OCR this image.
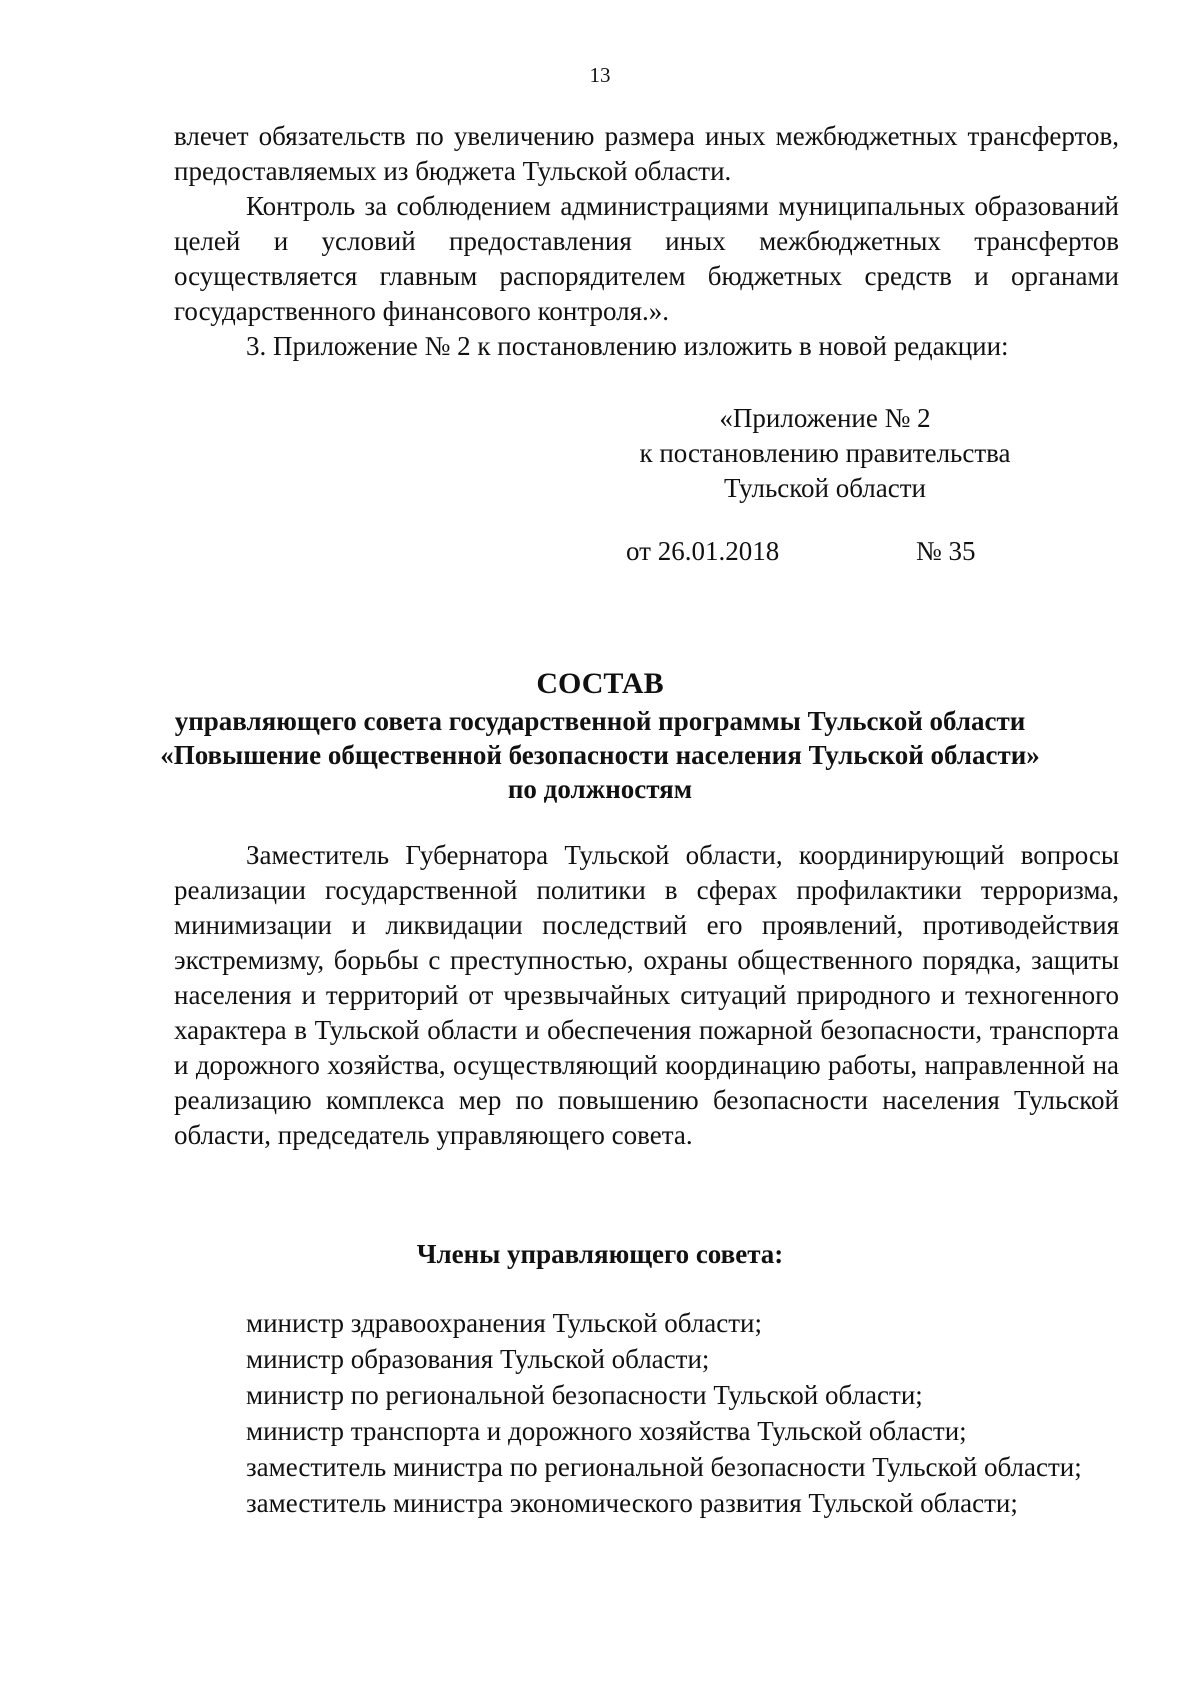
13

влечет обязательств по увеличению размера иных межбюджетных трансфертов, предоставляемых из бюджета Тульской области.

Контроль за соблюдением администрациями муниципальных образований целей и условий предоставления иных межбюджетных трансфертов осуществляется главным распорядителем бюджетных средств и органами государственного финансового контроля.».

3. Приложение № 2 к постановлению изложить в новой редакции:

«Приложение № 2
к постановлению правительства
Тульской области
от 26.01.2018	№ 35
СОСТАВ
управляющего совета государственной программы Тульской области
«Повышение общественной безопасности населения Тульской области»
по должностям

Заместитель Губернатора Тульской области, координирующий вопросы реализации государственной политики в сферах профилактики терроризма, минимизации и ликвидации последствий его проявлений, противодействия экстремизму, борьбы с преступностью, охраны общественного порядка, защиты населения и территорий от чрезвычайных ситуаций природного и техногенного характера в Тульской области и обеспечения пожарной безопасности, транспорта и дорожного хозяйства, осуществляющий координацию работы, направленной на реализацию комплекса мер по повышению безопасности населения Тульской области, председатель управляющего совета.

Члены управляющего совета:
министр здравоохранения Тульской области;
министр образования Тульской области;
министр по региональной безопасности Тульской области;
министр транспорта и дорожного хозяйства Тульской области;
заместитель министра по региональной безопасности Тульской области;
заместитель министра экономического развития Тульской области;
